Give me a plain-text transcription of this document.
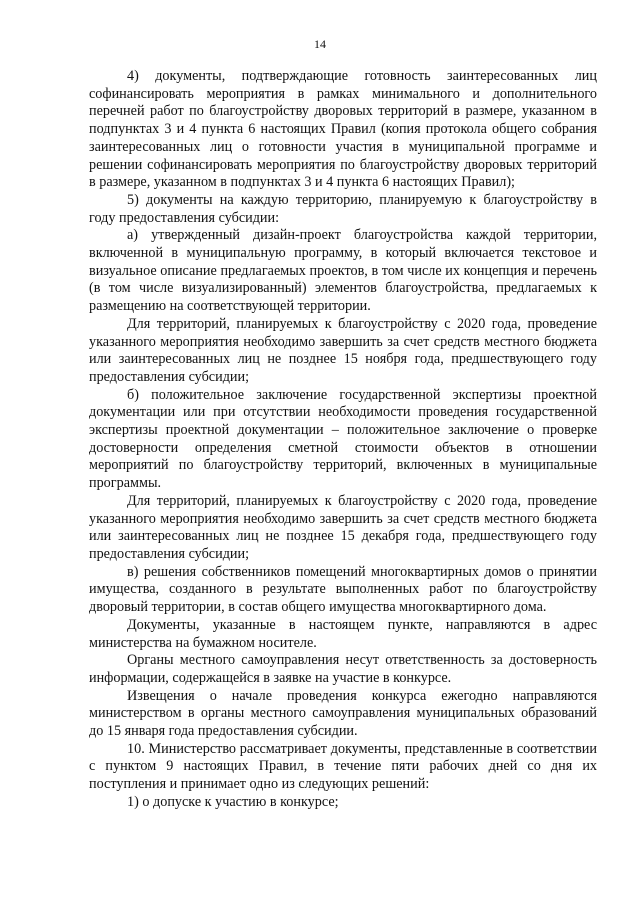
14

4) документы, подтверждающие готовность заинтересованных лиц софинансировать мероприятия в рамках минимального и дополнительного перечней работ по благоустройству дворовых территорий в размере, указанном в подпунктах 3 и 4 пункта 6 настоящих Правил (копия протокола общего собрания заинтересованных лиц о готовности участия в муниципальной программе и решении софинансировать мероприятия по благоустройству дворовых территорий в размере, указанном в подпунктах 3 и 4 пункта 6 настоящих Правил);

5) документы на каждую территорию, планируемую к благоустройству в году предоставления субсидии:

а) утвержденный дизайн-проект благоустройства каждой территории, включенной в муниципальную программу, в который включается текстовое и визуальное описание предлагаемых проектов, в том числе их концепция и перечень (в том числе визуализированный) элементов благоустройства, предлагаемых к размещению на соответствующей территории.

Для территорий, планируемых к благоустройству с 2020 года, проведение указанного мероприятия необходимо завершить за счет средств местного бюджета или заинтересованных лиц не позднее 15 ноября года, предшествующего году предоставления субсидии;

б) положительное заключение государственной экспертизы проектной документации или при отсутствии необходимости проведения государственной экспертизы проектной документации – положительное заключение о проверке достоверности определения сметной стоимости объектов в отношении мероприятий по благоустройству территорий, включенных в муниципальные программы.

Для территорий, планируемых к благоустройству с 2020 года, проведение указанного мероприятия необходимо завершить за счет средств местного бюджета или заинтересованных лиц не позднее 15 декабря года, предшествующего году предоставления субсидии;

в) решения собственников помещений многоквартирных домов о принятии имущества, созданного в результате выполненных работ по благоустройству дворовый территории, в состав общего имущества многоквартирного дома.

Документы, указанные в настоящем пункте, направляются в адрес министерства на бумажном носителе.

Органы местного самоуправления несут ответственность за достоверность информации, содержащейся в заявке на участие в конкурсе.

Извещения о начале проведения конкурса ежегодно направляются министерством в органы местного самоуправления муниципальных образований до 15 января года предоставления субсидии.

10. Министерство рассматривает документы, представленные в соответствии с пунктом 9 настоящих Правил, в течение пяти рабочих дней со дня их поступления и принимает одно из следующих решений:

1) о допуске к участию в конкурсе;
